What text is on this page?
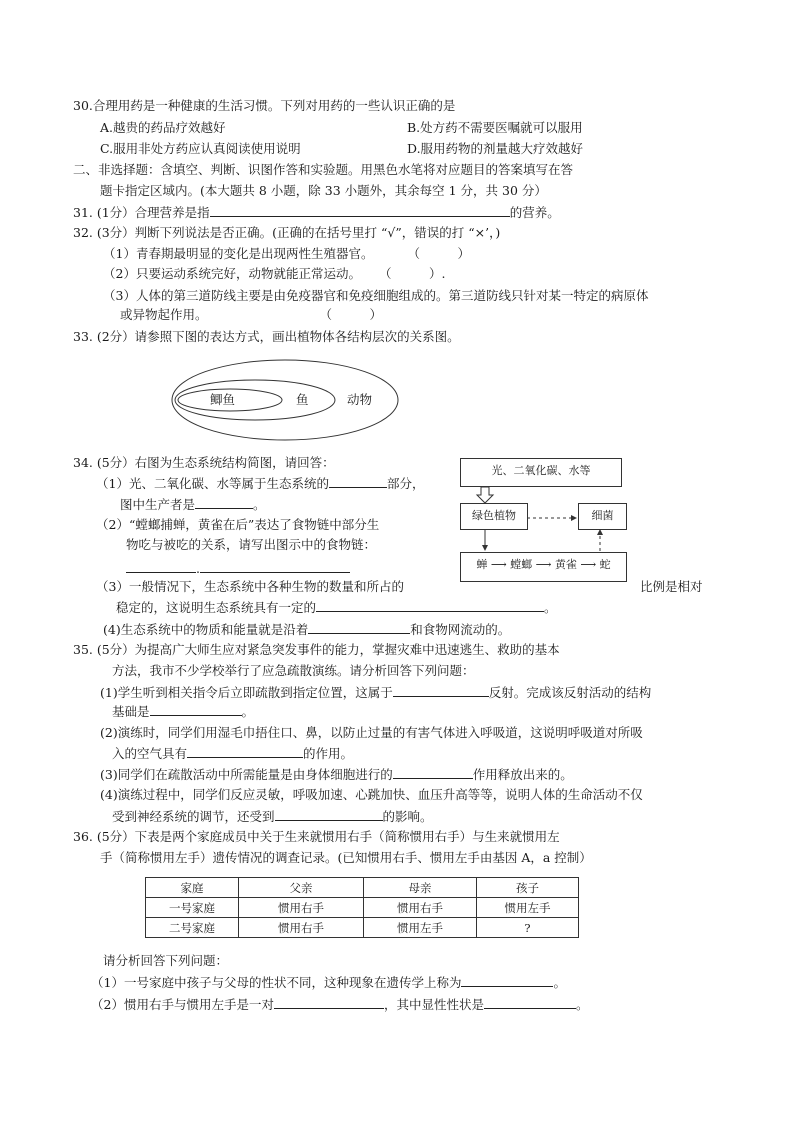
30.合理用药是一种健康的生活习惯。下列对用药的一些认识正确的是
A.越贵的药品疗效越好	B.处方药不需要医嘱就可以服用
C.服用非处方药应认真阅读使用说明	D.服用药物的剂量越大疗效越好
二、非选择题：含填空、判断、识图作答和实验题。用黑色水笔将对应题目的答案填写在答
题卡指定区域内。(本大题共 8 小题，除 33 小题外，其余每空 1 分，共 30 分）
31. (1分）合理营养是指	的营养。
32. (3分）判断下列说法是否正确。(正确的在括号里打 “√”，错误的打 “×’，)
（1）青春期最明显的变化是出现两性生殖器官。	（　　　）
（2）只要运动系统完好，动物就能正常运动。 （　　　）.
（3）人体的第三道防线主要是由免疫器官和免疫细胞组成的。第三道防线只针对某一特定的病原体
或异物起作用。	（　　　）
33. (2分）请参照下图的表达方式，画出植物体各结构层次的关系图。
鲫鱼	鱼	动物
34. (5分）右图为生态系统结构简图，请回答：
（1）光、二氧化碳、水等属于生态系统的	部分，
图中生产者是	。
（2）“螳螂捕蝉，黄雀在后”表达了食物链中部分生
物吃与被吃的关系，请写出图示中的食物链：
.
（3）一般情况下，生态系统中各种生物的数量和所占的	比例是相对
稳定的，这说明生态系统具有一定的	。
(4)生态系统中的物质和能量就是沿着	和食物网流动的。
光、二氧化碳、水等
绿色植物	细菌
蝉 ⟶ 螳螂 ⟶ 黄雀 ⟶ 蛇
35. (5分）为提高广大师生应对紧急突发事件的能力，掌握灾难中迅速逃生、救助的基本
方法，我市不少学校举行了应急疏散演练。请分析回答下列问题：
(1)学生听到相关指令后立即疏散到指定位置，这属于	反射。完成该反射活动的结构
基础是	。
(2)演练时，同学们用湿毛巾捂住口、鼻，以防止过量的有害气体进入呼吸道，这说明呼吸道对所吸
入的空气具有	的作用。
(3)同学们在疏散活动中所需能量是由身体细胞进行的	作用释放出来的。
(4)演练过程中，同学们反应灵敏，呼吸加速、心跳加快、血压升高等等，说明人体的生命活动不仅
受到神经系统的调节，还受到	的影响。
36. (5分）下表是两个家庭成员中关于生来就惯用右手（简称惯用右手）与生来就惯用左
手（简称惯用左手）遗传情况的调查记录。(已知惯用右手、惯用左手由基因 A，a 控制）
家庭	父亲	母亲	孩子
一号家庭	惯用右手	惯用右手	惯用左手
二号家庭	惯用右手	惯用左手	?
请分析回答下列问题：
（1）一号家庭中孩子与父母的性状不同，这种现象在遗传学上称为	。
（2）惯用右手与惯用左手是一对	，其中显性性状是	。
